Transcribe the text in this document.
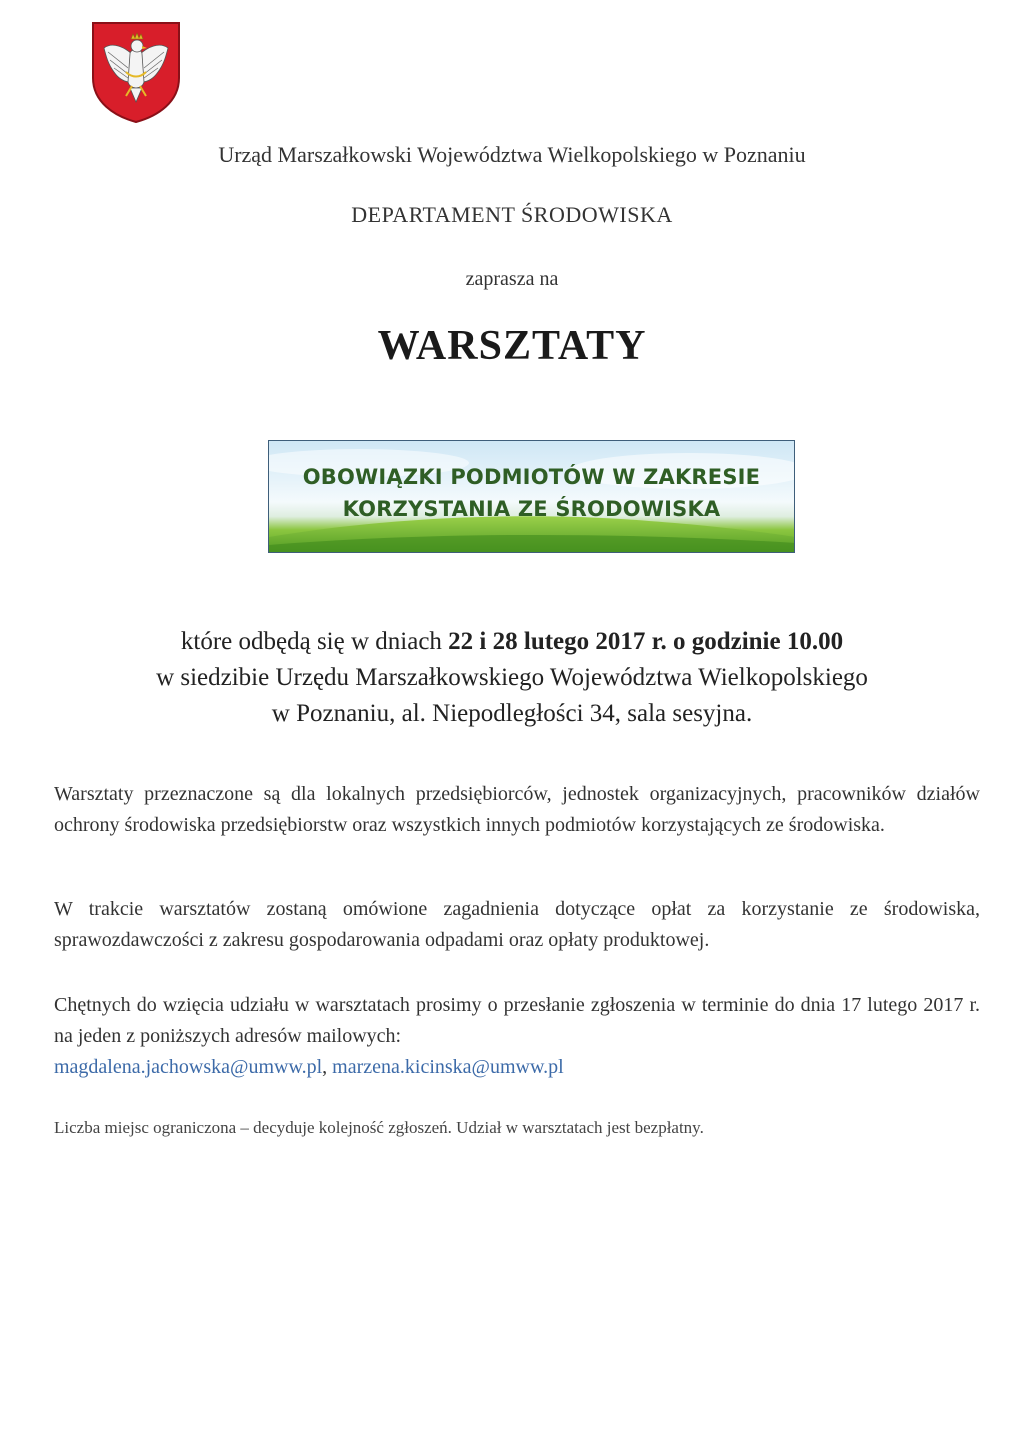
Urząd Marszałkowski Województwa Wielkopolskiego w Poznaniu
DEPARTAMENT ŚRODOWISKA
zaprasza na
WARSZTATY
OBOWIĄZKI PODMIOTÓW W ZAKRESIE
KORZYSTANIA ZE ŚRODOWISKA
które odbędą się w dniach 22 i 28 lutego 2017 r. o godzinie 10.00
w siedzibie Urzędu Marszałkowskiego Województwa Wielkopolskiego
w Poznaniu, al. Niepodległości 34, sala sesyjna.

Warsztaty przeznaczone są dla lokalnych przedsiębiorców, jednostek organizacyjnych, pracowników działów ochrony środowiska przedsiębiorstw oraz wszystkich innych podmiotów korzystających ze środowiska.

W trakcie warsztatów zostaną omówione zagadnienia dotyczące opłat za korzystanie ze środowiska, sprawozdawczości z zakresu gospodarowania odpadami oraz opłaty produktowej.

Chętnych do wzięcia udziału w warsztatach prosimy o przesłanie zgłoszenia w terminie do dnia 17 lutego 2017 r. na jeden z poniższych adresów mailowych:
magdalena.jachowska@umww.pl, marzena.kicinska@umww.pl

Liczba miejsc ograniczona – decyduje kolejność zgłoszeń. Udział w warsztatach jest bezpłatny.
